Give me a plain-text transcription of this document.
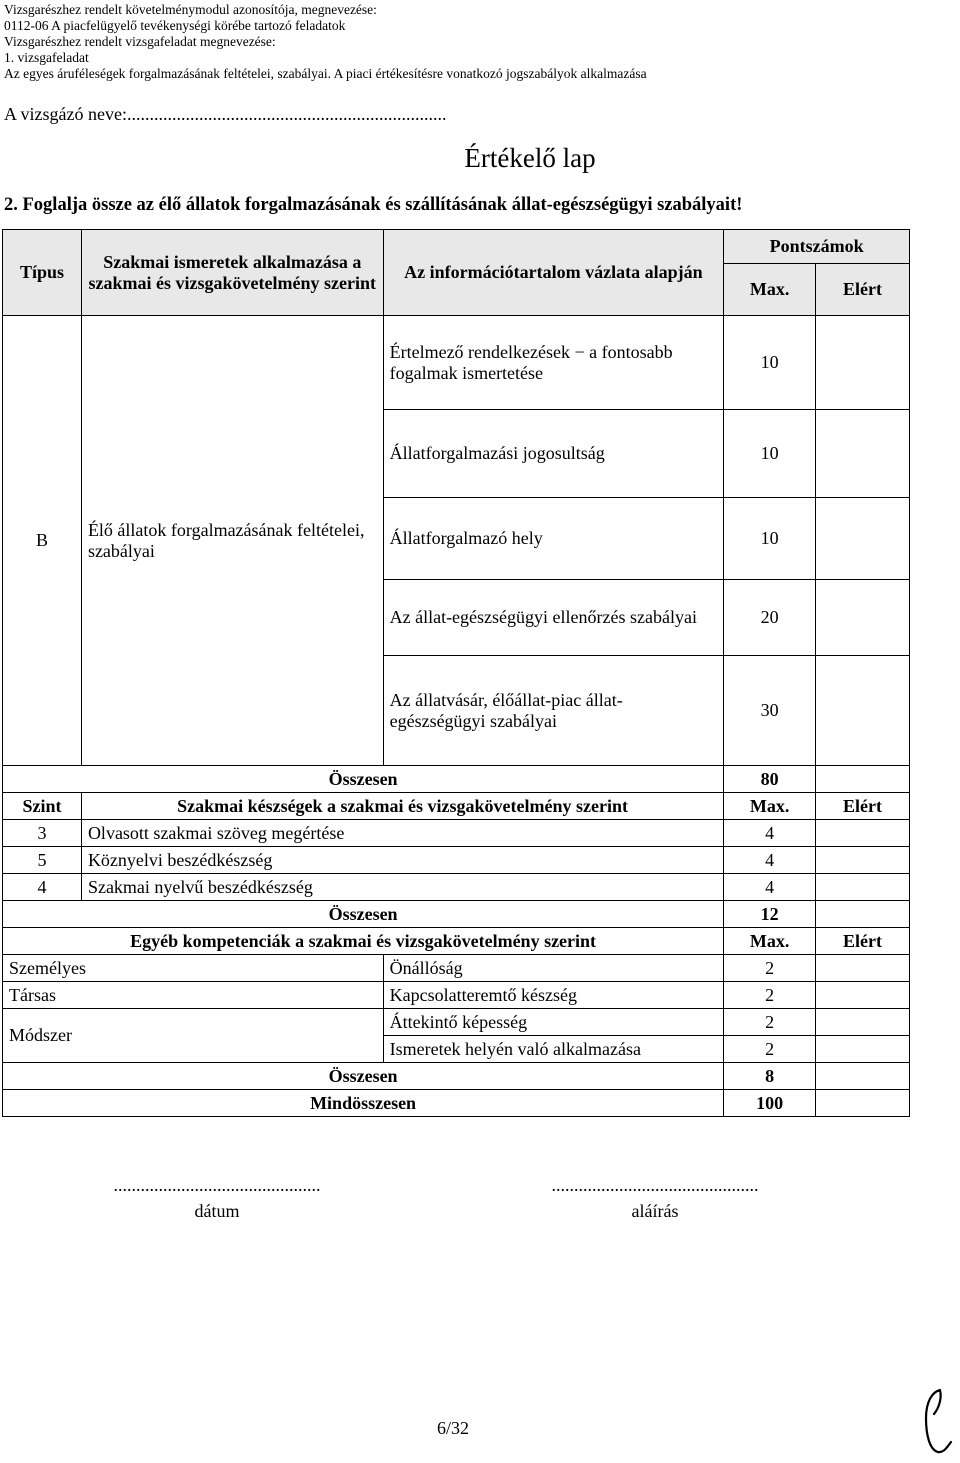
Vizsgarészhez rendelt követelménymodul azonosítója, megnevezése:
0112-06 A piacfelügyelő tevékenységi körébe tartozó feladatok
Vizsgarészhez rendelt vizsgafeladat megnevezése:
1. vizsgafeladat
Az egyes áruféleségek forgalmazásának feltételei, szabályai. A piaci értékesítésre vonatkozó jogszabályok alkalmazása
A vizsgázó neve:.......................................................................
Értékelő lap
2. Foglalja össze az élő állatok forgalmazásának és szállításának állat-egészségügyi szabályait!
Típus	Szakmai ismeretek alkalmazása a szakmai és vizsgakövetelmény szerint	Az információtartalom vázlata alapján	Pontszámok	
			Max.	Elért
B	Élő állatok forgalmazásának feltételei, szabályai	Értelmező rendelkezések − a fontosabb fogalmak ismertetése	10	
		Állatforgalmazási jogosultság	10	
		Állatforgalmazó hely	10	
		Az állat-egészségügyi ellenőrzés szabályai	20	
		Az állatvásár, élőállat-piac állat-egészségügyi szabályai	30	
Összesen			80	
Szint	Szakmai készségek a szakmai és vizsgakövetelmény szerint		Max.	Elért
3	Olvasott szakmai szöveg megértése		4	
5	Köznyelvi beszédkészség		4	
4	Szakmai nyelvű beszédkészség		4	
Összesen			12	
Egyéb kompetenciák a szakmai és vizsgakövetelmény szerint			Max.	Elért
Személyes		Önállóság	2	
Társas		Kapcsolatteremtő készség	2	
Módszer		Áttekintő képesség	2	
		Ismeretek helyén való alkalmazása	2	
Összesen			8	
Mindösszesen			100	
..............................................
dátum
..............................................
aláírás
6/32
